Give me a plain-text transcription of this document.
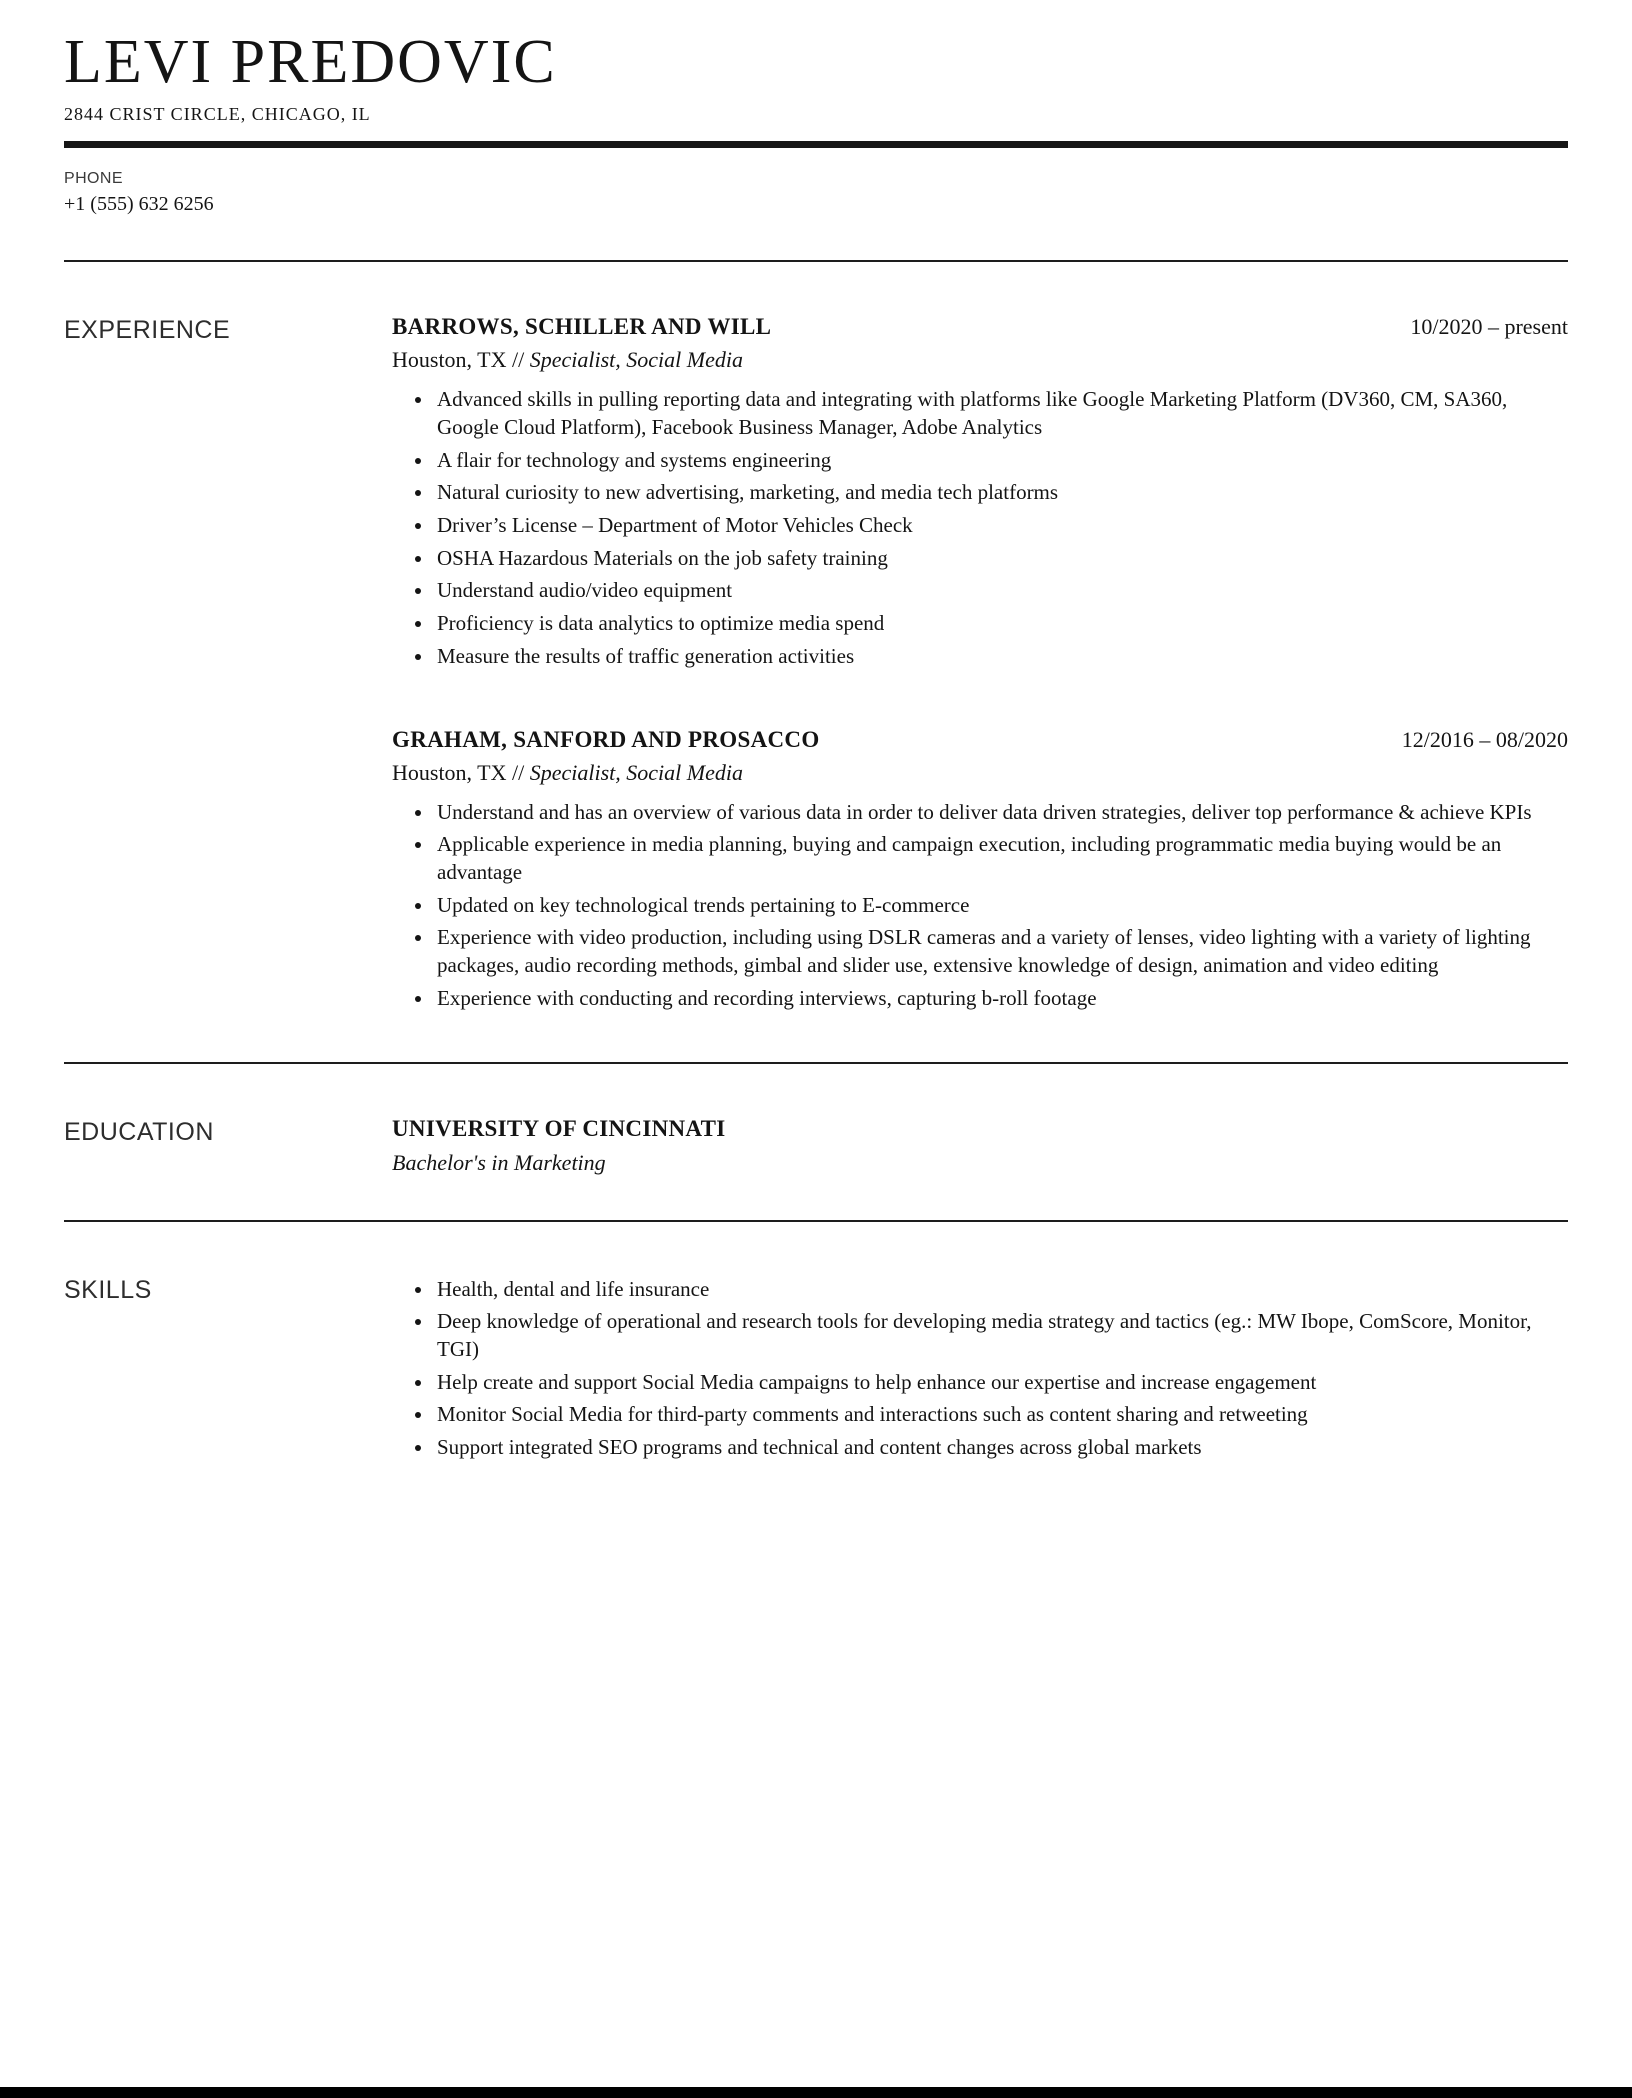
LEVI PREDOVIC
2844 CRIST CIRCLE, CHICAGO, IL
PHONE
+1 (555) 632 6256
EXPERIENCE	BARROWS, SCHILLER AND WILL	10/2020 – present
Houston, TX // Specialist, Social Media
• Advanced skills in pulling reporting data and integrating with platforms like Google Marketing Platform (DV360, CM, SA360, Google Cloud Platform), Facebook Business Manager, Adobe Analytics
• A flair for technology and systems engineering
• Natural curiosity to new advertising, marketing, and media tech platforms
• Driver’s License – Department of Motor Vehicles Check
• OSHA Hazardous Materials on the job safety training
• Understand audio/video equipment
• Proficiency is data analytics to optimize media spend
• Measure the results of traffic generation activities
GRAHAM, SANFORD AND PROSACCO	12/2016 – 08/2020
Houston, TX // Specialist, Social Media
• Understand and has an overview of various data in order to deliver data driven strategies, deliver top performance & achieve KPIs
• Applicable experience in media planning, buying and campaign execution, including programmatic media buying would be an advantage
• Updated on key technological trends pertaining to E-commerce
• Experience with video production, including using DSLR cameras and a variety of lenses, video lighting with a variety of lighting packages, audio recording methods, gimbal and slider use, extensive knowledge of design, animation and video editing
• Experience with conducting and recording interviews, capturing b-roll footage
EDUCATION	UNIVERSITY OF CINCINNATI
Bachelor's in Marketing
SKILLS	• Health, dental and life insurance
• Deep knowledge of operational and research tools for developing media strategy and tactics (eg.: MW Ibope, ComScore, Monitor, TGI)
• Help create and support Social Media campaigns to help enhance our expertise and increase engagement
• Monitor Social Media for third-party comments and interactions such as content sharing and retweeting
• Support integrated SEO programs and technical and content changes across global markets
